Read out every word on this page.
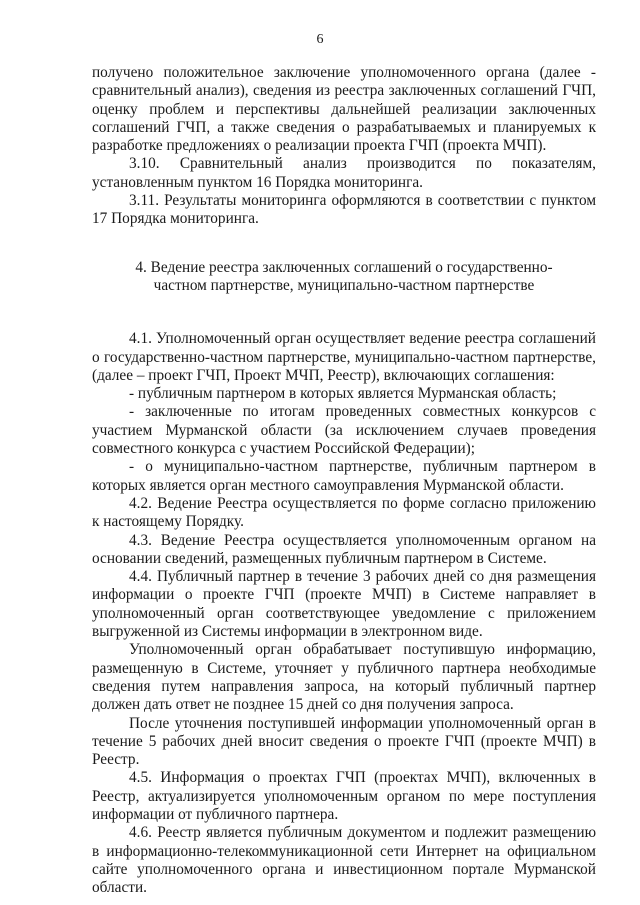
6

получено положительное заключение уполномоченного органа (далее - сравнительный анализ), сведения из реестра заключенных соглашений ГЧП, оценку проблем и перспективы дальнейшей реализации заключенных соглашений ГЧП, а также сведения о разрабатываемых и планируемых к разработке предложениях о реализации проекта ГЧП (проекта МЧП).

3.10. Сравнительный анализ производится по показателям, установленным пунктом 16 Порядка мониторинга.

3.11. Результаты мониторинга оформляются в соответствии с пунктом 17 Порядка мониторинга.

4. Ведение реестра заключенных соглашений о государственно-частном партнерстве, муниципально-частном партнерстве

4.1. Уполномоченный орган осуществляет ведение реестра соглашений о государственно-частном партнерстве, муниципально-частном партнерстве, (далее – проект ГЧП, Проект МЧП, Реестр), включающих соглашения:

- публичным партнером в которых является Мурманская область;

- заключенные по итогам проведенных совместных конкурсов с участием Мурманской области (за исключением случаев проведения совместного конкурса с участием Российской Федерации);

- о муниципально-частном партнерстве, публичным партнером в которых является орган местного самоуправления Мурманской области.

4.2. Ведение Реестра осуществляется по форме согласно приложению к настоящему Порядку.

4.3. Ведение Реестра осуществляется уполномоченным органом на основании сведений, размещенных публичным партнером в Системе.

4.4. Публичный партнер в течение 3 рабочих дней со дня размещения информации о проекте ГЧП (проекте МЧП) в Системе направляет в уполномоченный орган соответствующее уведомление с приложением выгруженной из Системы информации в электронном виде.

Уполномоченный орган обрабатывает поступившую информацию, размещенную в Системе, уточняет у публичного партнера необходимые сведения путем направления запроса, на который публичный партнер должен дать ответ не позднее 15 дней со дня получения запроса.

После уточнения поступившей информации уполномоченный орган в течение 5 рабочих дней вносит сведения о проекте ГЧП (проекте МЧП) в Реестр.

4.5. Информация о проектах ГЧП (проектах МЧП), включенных в Реестр, актуализируется уполномоченным органом по мере поступления информации от публичного партнера.

4.6. Реестр является публичным документом и подлежит размещению в информационно-телекоммуникационной сети Интернет на официальном сайте уполномоченного органа и инвестиционном портале Мурманской области.
